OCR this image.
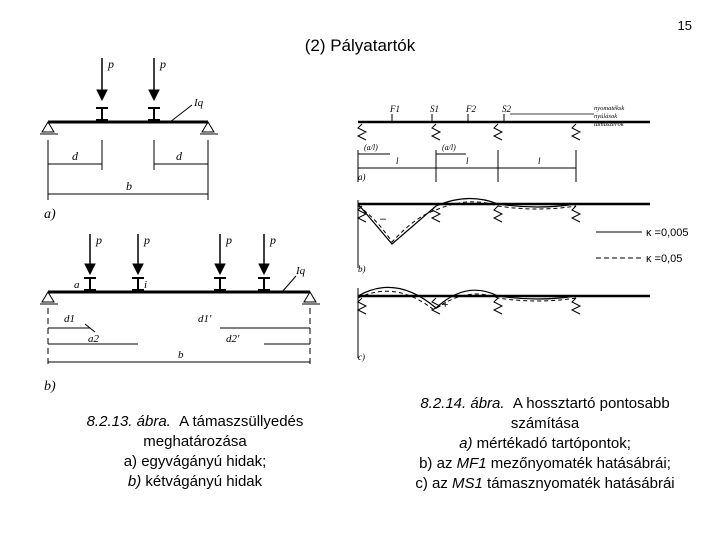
15
(2) Pályatartók
p	p
Iq
d	d
b
a)
p	p	p	p
a	i
Iq
d1
a2
d1'
d2'
b
b)
F1	S1	F2	S2	nyomatéksk
nyúlások
támaszerők
(a/l)	(a/l)
l	l	l
a)
–
b)
κ =0,005
κ =0,05
+
c)
8.2.13. ábra. A támaszsüllyedés
meghatározása
a) egyvágányú hidak;
b) kétvágányú hidak
8.2.14. ábra. A hossztartó pontosabb
számítása
a) mértékadó tartópontok;
b) az MF1 mezőnyomaték hatásábrái;
c) az MS1 támasznyomaték hatásábrái
